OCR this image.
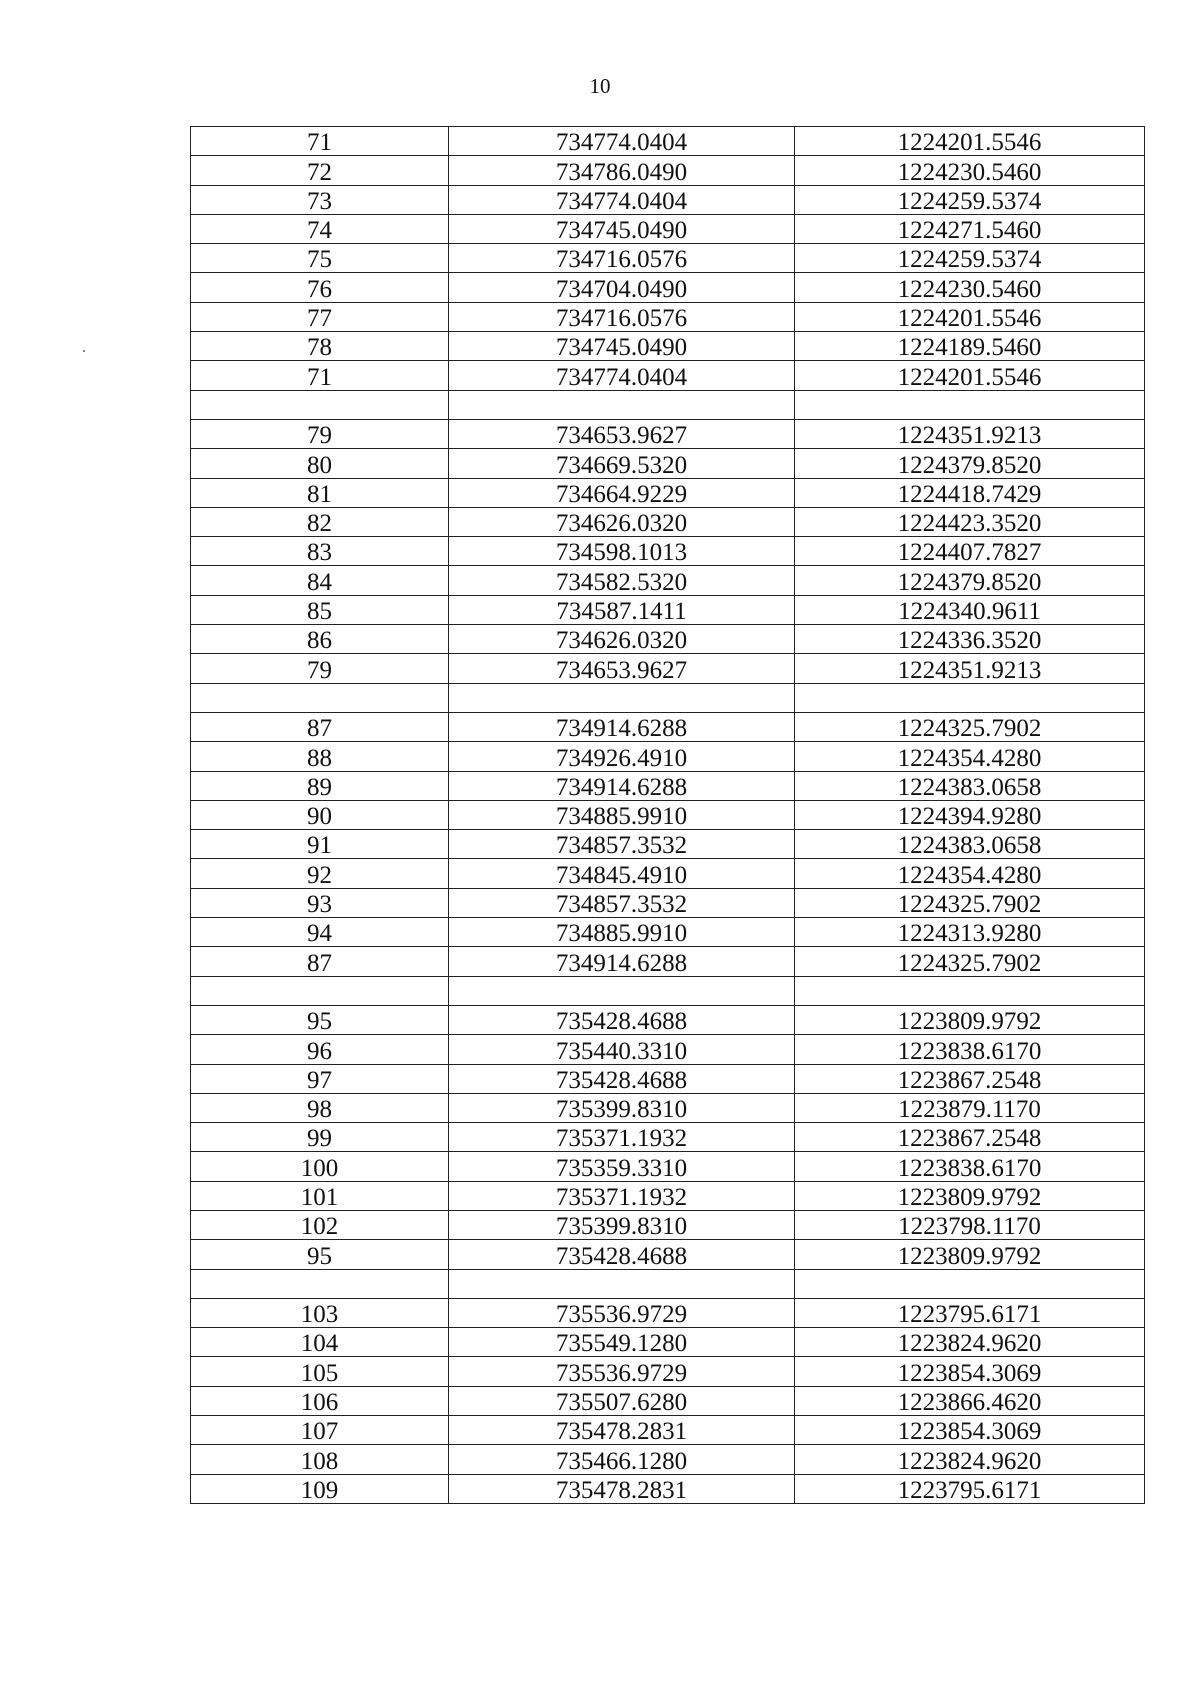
10
71	734774.0404	1224201.5546
72	734786.0490	1224230.5460
73	734774.0404	1224259.5374
74	734745.0490	1224271.5460
75	734716.0576	1224259.5374
76	734704.0490	1224230.5460
77	734716.0576	1224201.5546
78	734745.0490	1224189.5460
71	734774.0404	1224201.5546

79	734653.9627	1224351.9213
80	734669.5320	1224379.8520
81	734664.9229	1224418.7429
82	734626.0320	1224423.3520
83	734598.1013	1224407.7827
84	734582.5320	1224379.8520
85	734587.1411	1224340.9611
86	734626.0320	1224336.3520
79	734653.9627	1224351.9213

87	734914.6288	1224325.7902
88	734926.4910	1224354.4280
89	734914.6288	1224383.0658
90	734885.9910	1224394.9280
91	734857.3532	1224383.0658
92	734845.4910	1224354.4280
93	734857.3532	1224325.7902
94	734885.9910	1224313.9280
87	734914.6288	1224325.7902

95	735428.4688	1223809.9792
96	735440.3310	1223838.6170
97	735428.4688	1223867.2548
98	735399.8310	1223879.1170
99	735371.1932	1223867.2548
100	735359.3310	1223838.6170
101	735371.1932	1223809.9792
102	735399.8310	1223798.1170
95	735428.4688	1223809.9792

103	735536.9729	1223795.6171
104	735549.1280	1223824.9620
105	735536.9729	1223854.3069
106	735507.6280	1223866.4620
107	735478.2831	1223854.3069
108	735466.1280	1223824.9620
109	735478.2831	1223795.6171
